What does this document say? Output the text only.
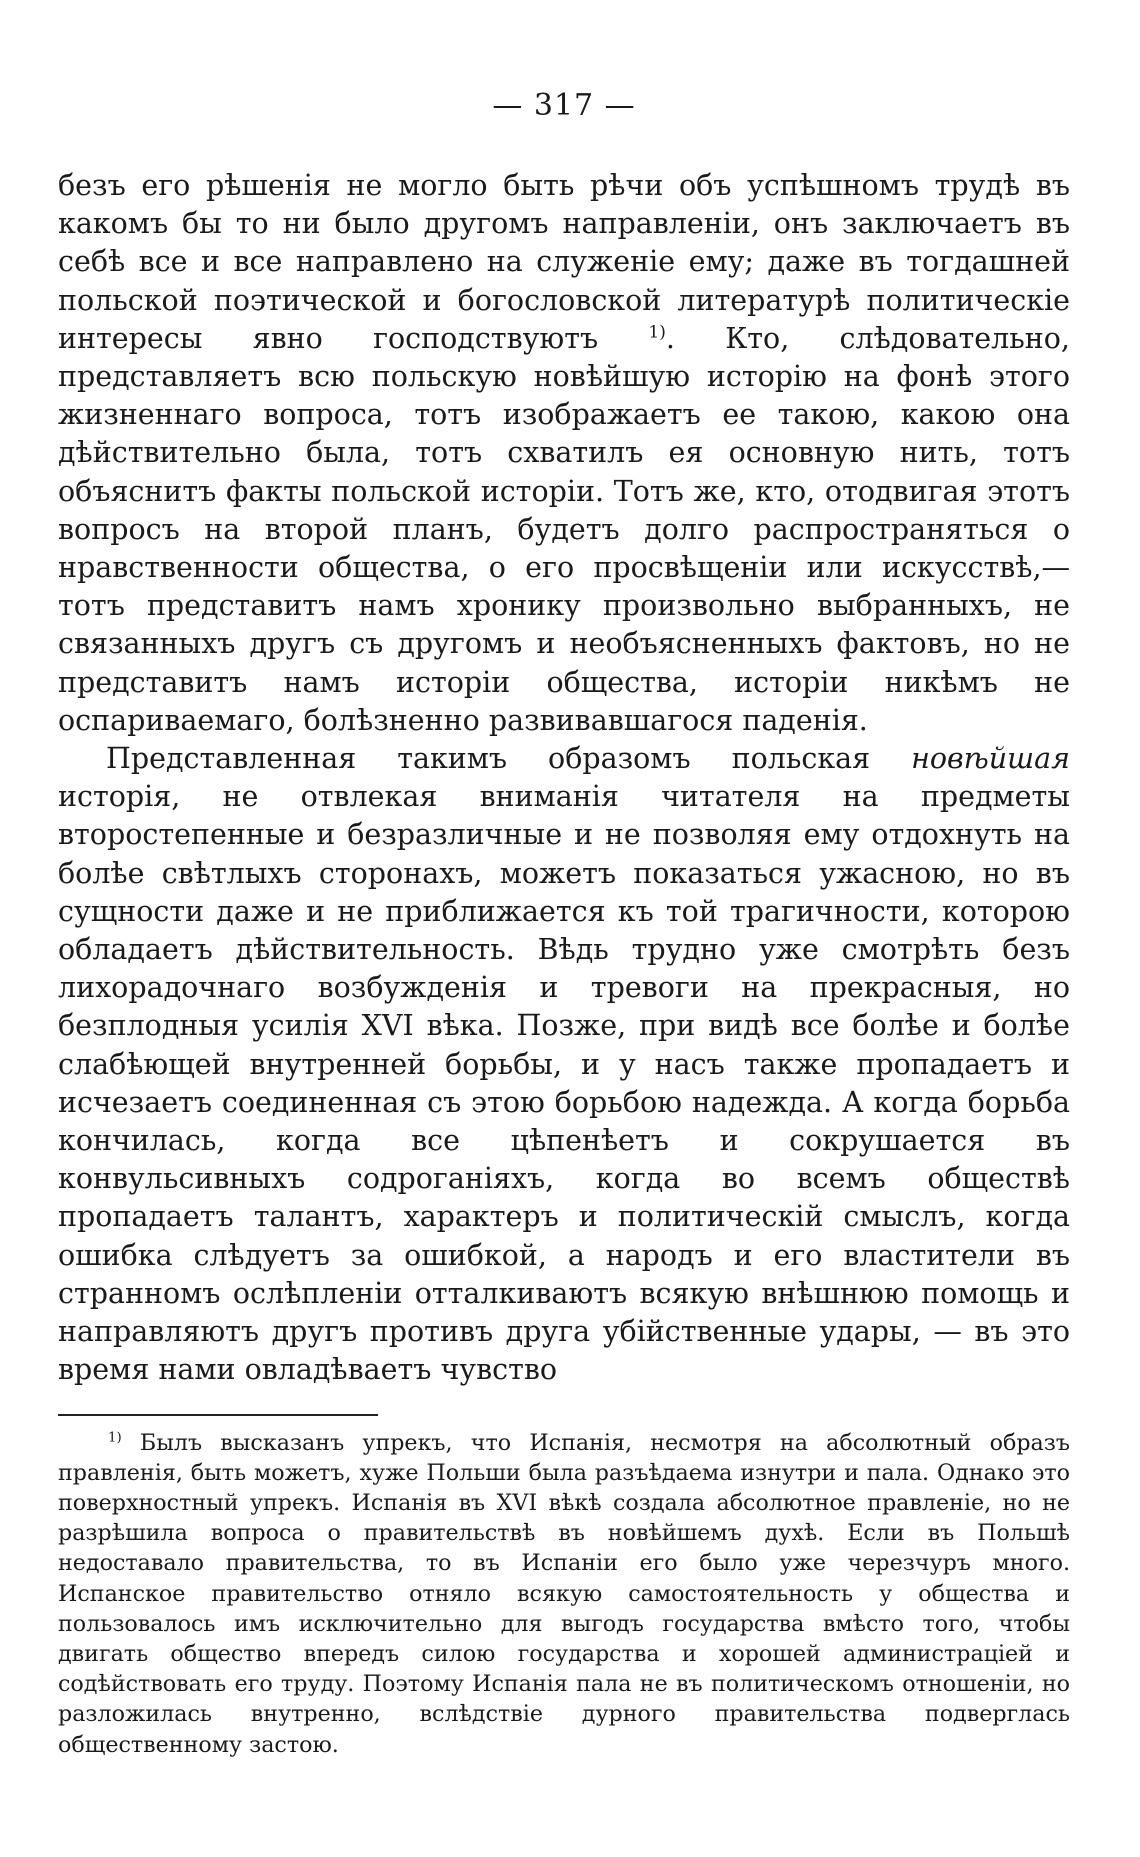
— 317 —

безъ его рѣшенія не могло быть рѣчи объ успѣшномъ трудѣ въ какомъ бы то ни было другомъ направленіи, онъ заключаетъ въ себѣ все и все направлено на служеніе ему; даже въ тогдашней польской поэтической и богословской литературѣ политическіе интересы явно господствуютъ	$^{1)}$. Кто, слѣдовательно, представляетъ всю польскую новѣйшую исторію на фонѣ этого жизненнаго вопроса, тотъ изображаетъ ее такою, какою она дѣйствительно была, тотъ схватилъ ея основную нить, тотъ объяснитъ факты польской исторіи. Тотъ же, кто, отодвигая этотъ вопросъ на второй планъ, будетъ долго распространяться о нравственности общества, о его просвѣщеніи или искусствѣ,—тотъ представитъ намъ хронику произвольно выбранныхъ, не связанныхъ другъ съ другомъ и необъясненныхъ фактовъ, но не представитъ намъ исторіи общества, исторіи никѣмъ не оспариваемаго, болѣзненно развивавшагося паденія.

Представленная такимъ образомъ польская новѣйшая исторія, не отвлекая вниманія читателя на предметы второстепенные и безразличные и не позволяя ему отдохнуть на болѣе свѣтлыхъ сторонахъ, можетъ показаться ужасною, но въ сущности даже и не приближается къ той трагичности, которою обладаетъ дѣйствительность. Вѣдь трудно уже смотрѣть безъ лихорадочнаго возбужденія и тревоги на прекрасныя, но безплодныя усилія XVI вѣка. Позже, при видѣ все болѣе и болѣе слабѣющей внутренней борьбы, и у насъ также пропадаетъ и исчезаетъ соединенная съ этою борьбою надежда. А когда борьба кончилась, когда все цѣпенѣетъ и сокрушается въ конвульсивныхъ содроганіяхъ, когда во всемъ обществѣ пропадаетъ талантъ, характеръ и политическій смыслъ, когда ошибка слѣдуетъ за ошибкой, а народъ и его властители въ странномъ ослѣпленіи отталкиваютъ всякую внѣшнюю помощь и направляютъ другъ противъ друга убійственные удары, — въ это время нами овладѣваетъ чувство

$^{1)}$ Былъ высказанъ упрекъ, что Испанія, несмотря на абсолютный образъ правленія, быть можетъ, хуже Польши была разъѣдаема изнутри и пала. Однако это поверхностный упрекъ. Испанія въ XVI вѣкѣ создала абсолютное правленіе, но не разрѣшила вопроса о правительствѣ въ новѣйшемъ духѣ. Если въ Польшѣ недоставало правительства, то въ Испаніи его было уже черезчуръ много. Испанское правительство отняло всякую самостоятельность у общества и пользовалось имъ исключительно для выгодъ государства вмѣсто того, чтобы двигать общество впередъ силою государства и хорошей администраціей и содѣйствовать его труду. Поэтому Испанія пала не въ политическомъ отношеніи, но разложилась внутренно, вслѣдствіе дурного правительства подверглась общественному застою.
